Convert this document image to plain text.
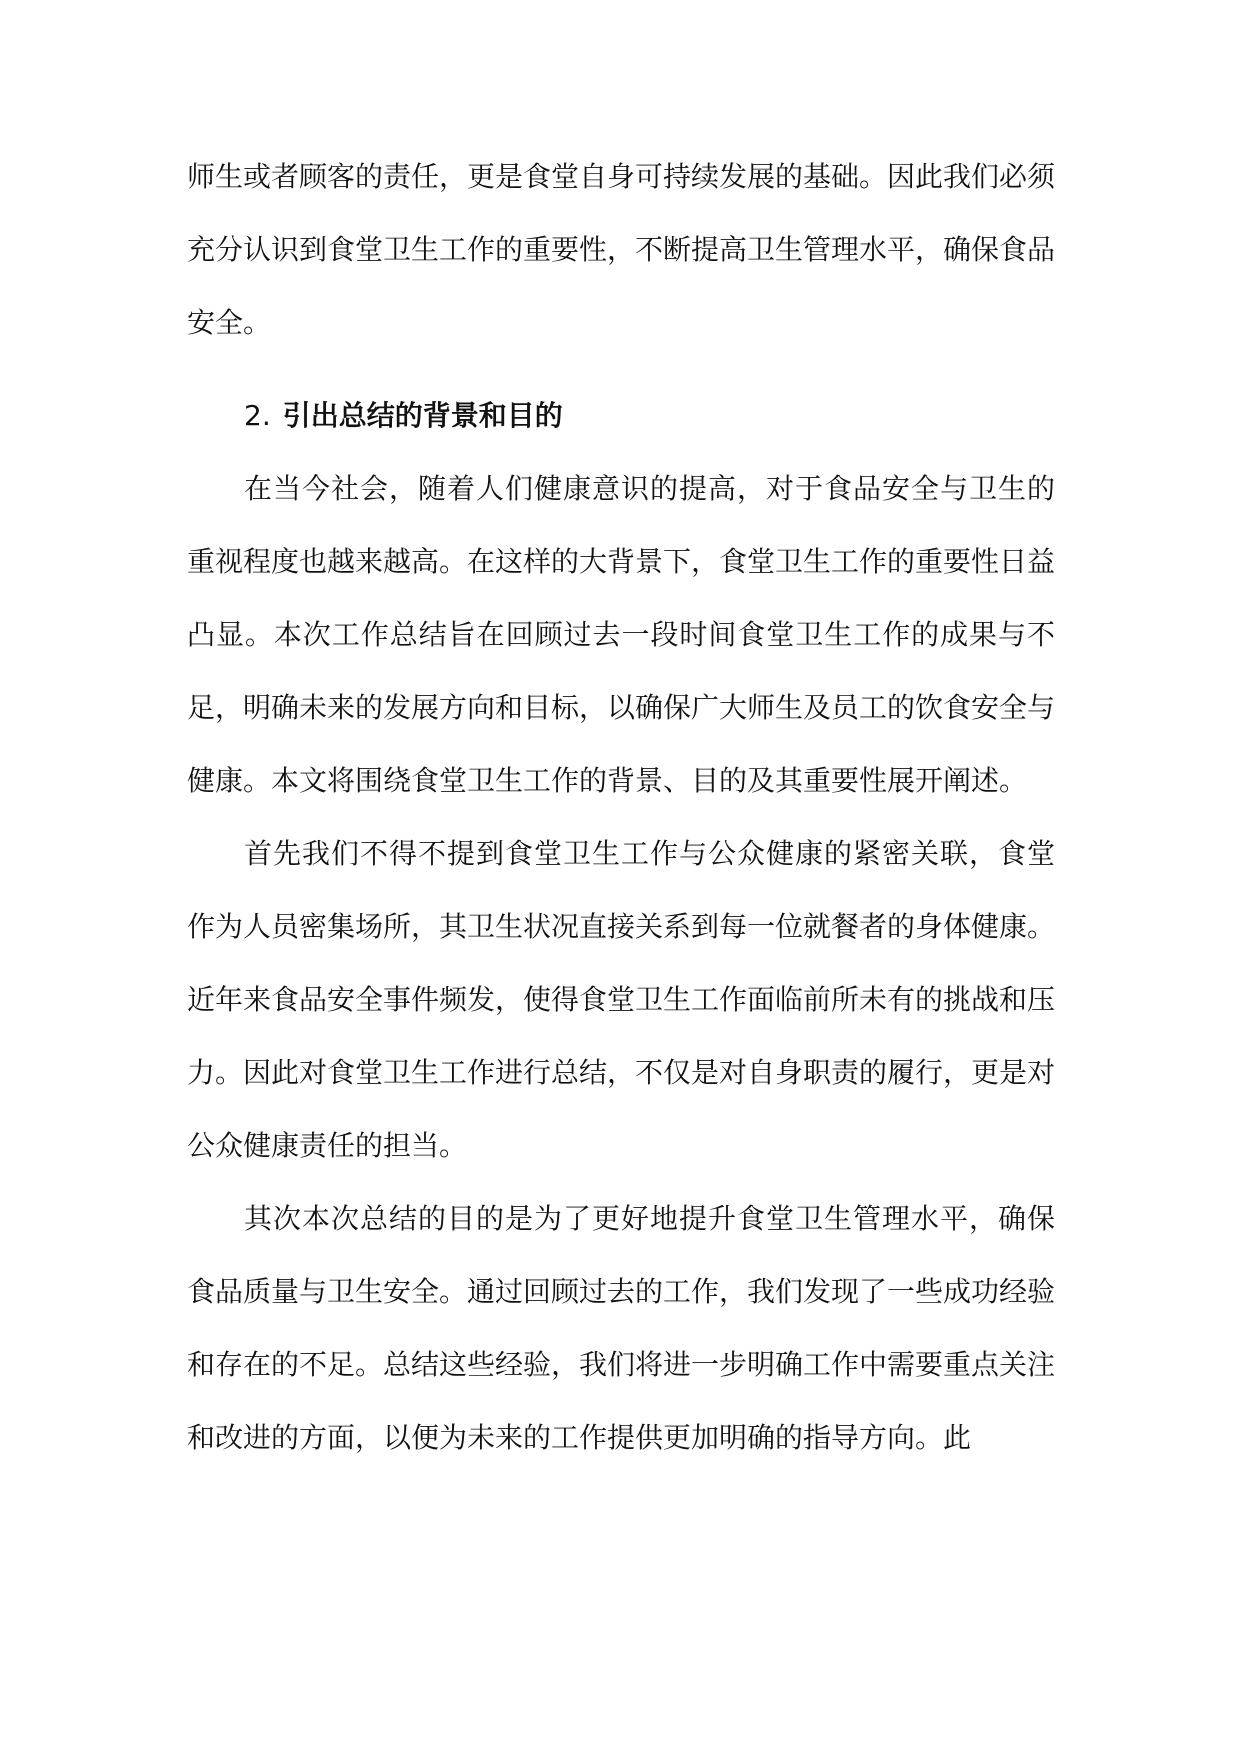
师生或者顾客的责任，更是食堂自身可持续发展的基础。因此我们必须充分认识到食堂卫生工作的重要性，不断提高卫生管理水平，确保食品安全。

2. 引出总结的背景和目的

在当今社会，随着人们健康意识的提高，对于食品安全与卫生的重视程度也越来越高。在这样的大背景下，食堂卫生工作的重要性日益凸显。本次工作总结旨在回顾过去一段时间食堂卫生工作的成果与不足，明确未来的发展方向和目标，以确保广大师生及员工的饮食安全与健康。本文将围绕食堂卫生工作的背景、目的及其重要性展开阐述。

首先我们不得不提到食堂卫生工作与公众健康的紧密关联，食堂作为人员密集场所，其卫生状况直接关系到每一位就餐者的身体健康。近年来食品安全事件频发，使得食堂卫生工作面临前所未有的挑战和压力。因此对食堂卫生工作进行总结，不仅是对自身职责的履行，更是对公众健康责任的担当。

其次本次总结的目的是为了更好地提升食堂卫生管理水平，确保食品质量与卫生安全。通过回顾过去的工作，我们发现了一些成功经验和存在的不足。总结这些经验，我们将进一步明确工作中需要重点关注和改进的方面，以便为未来的工作提供更加明确的指导方向。此
